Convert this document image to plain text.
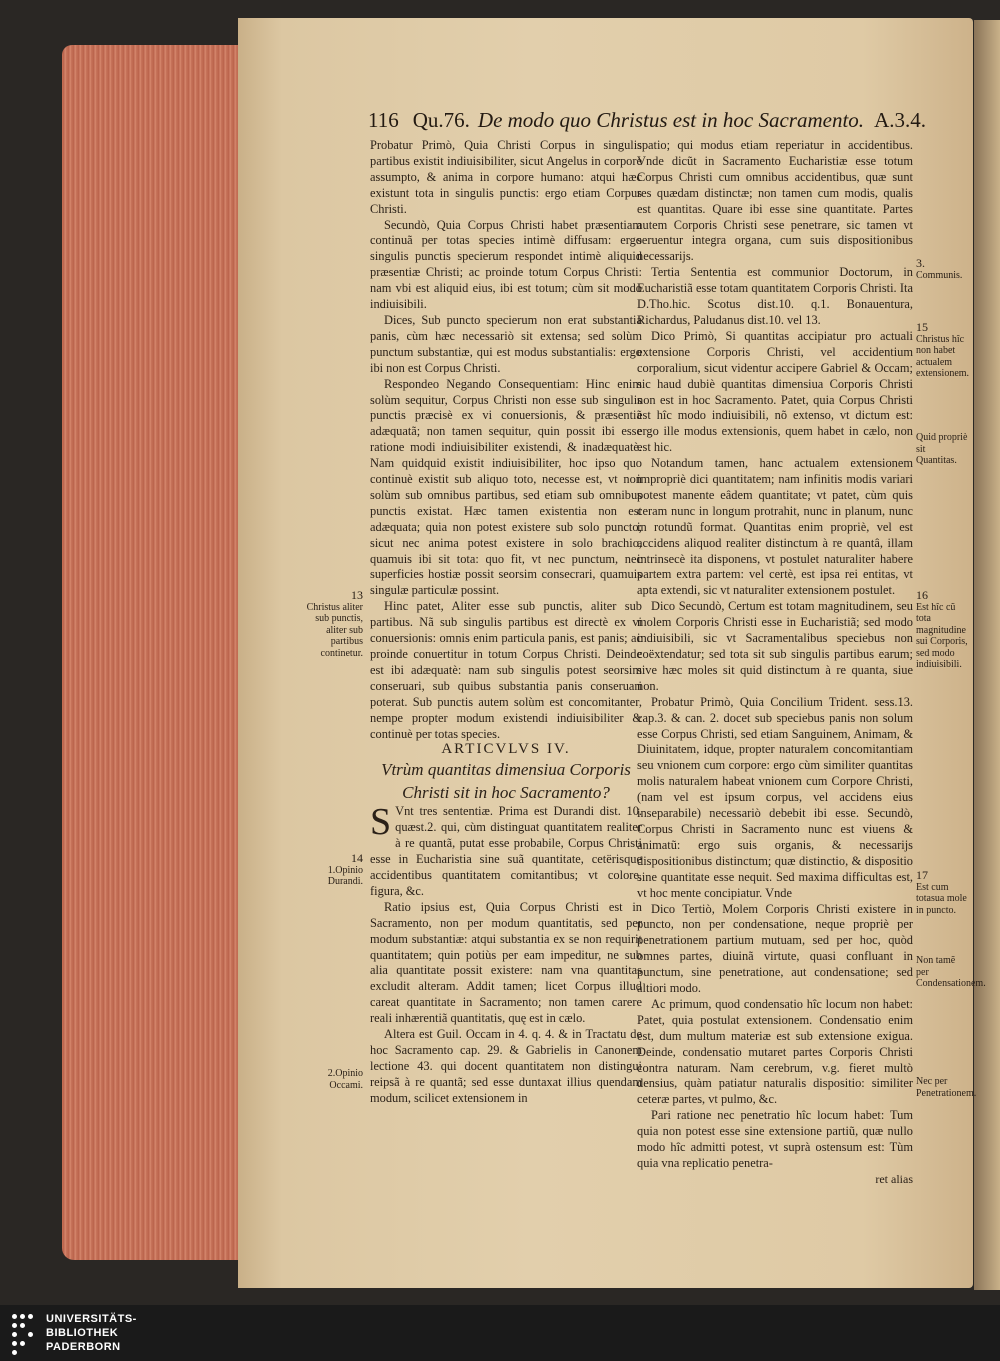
116 Qu.76. De modo quo Christus est in hoc Sacramento. A.3.4.

Probatur Primò, Quia Christi Corpus in singulis partibus existit indiuisibiliter, sicut Angelus in corpore assumpto, & anima in corpore humano: atqui hæc existunt tota in singulis punctis: ergo etiam Corpus Christi.

Secundò, Quia Corpus Christi habet præsentiam continuã per totas species intimè diffusam: ergo singulis punctis specierum respondet intimè aliquid præsentiæ Christi; ac proinde totum Corpus Christi: nam vbi est aliquid eius, ibi est totum; cùm sit modo indiuisibili.

Dices, Sub puncto specierum non erat substantia panis, cùm hæc necessariò sit extensa; sed solùm punctum substantiæ, qui est modus substantialis: ergo ibi non est Corpus Christi.

Respondeo Negando Consequentiam: Hinc enim solùm sequitur, Corpus Christi non esse sub singulis punctis præcisè ex vi conuersionis, & præsentiã adæquatã; non tamen sequitur, quin possit ibi esse ratione modi indiuisibiliter existendi, & inadæquatè. Nam quidquid existit indiuisibiliter, hoc ipso quo continuè existit sub aliquo toto, necesse est, vt non solùm sub omnibus partibus, sed etiam sub omnibus punctis existat. Hæc tamen existentia non est adæquata; quia non potest existere sub solo puncto; sicut nec anima potest existere in solo brachio, quamuis ibi sit tota: quo fit, vt nec punctum, nec superficies hostiæ possit seorsim consecrari, quamuis singulæ particulæ possint.

Hinc patet, Aliter esse sub punctis, aliter sub partibus. Nã sub singulis partibus est directè ex vi conuersionis: omnis enim particula panis, est panis; ac proinde conuertitur in totum Corpus Christi. Deinde est ibi adæquatè: nam sub singulis potest seorsim conseruari, sub quibus substantia panis conseruari poterat. Sub punctis autem solùm est concomitanter, nempe propter modum existendi indiuisibiliter & continuè per totas species.

ARTICVLVS IV.

Vtrùm quantitas dimensiua Corporis Christi sit in hoc Sacramento?

S Vnt tres sententiæ. Prima est Durandi dist. 10. quæst.2. qui, cùm distinguat quantitatem realiter à re quantã, putat esse probabile, Corpus Christi esse in Eucharistia sine suã quantitate, cetërisque accidentibus quantitatem comitantibus; vt colore, figura, &c.

Ratio ipsius est, Quia Corpus Christi est in Sacramento, non per modum quantitatis, sed per modum substantiæ: atqui substantia ex se non requirit quantitatem; quin potiùs per eam impeditur, ne sub alia quantitate possit existere: nam vna quantitas excludit alteram. Addit tamen; licet Corpus illud careat quantitate in Sacramento; non tamen carere reali inhærentiã quantitatis, quę est in cælo.

Altera est Guil. Occam in 4. q. 4. & in Tractatu de hoc Sacramento cap. 29. & Gabrielis in Canonem lectione 43. qui docent quantitatem non distingui reipsã à re quantã; sed esse duntaxat illius quendam modum, scilicet extensionem in

spatio; qui modus etiam reperiatur in accidentibus. Vnde dicũt in Sacramento Eucharistiæ esse totum Corpus Christi cum omnibus accidentibus, quæ sunt res quædam distinctæ; non tamen cum modis, qualis est quantitas. Quare ibi esse sine quantitate. Partes autem Corporis Christi sese penetrare, sic tamen vt seruentur integra organa, cum suis dispositionibus necessarijs.

Tertia Sententia est communior Doctorum, in Eucharistiã esse totam quantitatem Corporis Christi. Ita D.Tho.hic. Scotus dist.10. q.1. Bonauentura, Richardus, Paludanus dist.10. vel 13.

Dico Primò, Si quantitas accipiatur pro actuali extensione Corporis Christi, vel accidentium corporalium, sicut videntur accipere Gabriel & Occam; sic haud dubiè quantitas dimensiua Corporis Christi non est in hoc Sacramento. Patet, quia Corpus Christi est hîc modo indiuisibili, nõ extenso, vt dictum est: ergo ille modus extensionis, quem habet in cælo, non est hic.

Notandum tamen, hanc actualem extensionem impropriè dici quantitatem; nam infinitis modis variari potest manente eâdem quantitate; vt patet, cùm quis ceram nunc in longum protrahit, nunc in planum, nunc in rotundũ format. Quantitas enim propriè, vel est accidens aliquod realiter distinctum à re quantâ, illam intrinsecè ita disponens, vt postulet naturaliter habere partem extra partem: vel certè, est ipsa rei entitas, vt apta extendi, sic vt naturaliter extensionem postulet.

Dico Secundò, Certum est totam magnitudinem, seu molem Corporis Christi esse in Eucharistiã; sed modo indiuisibili, sic vt Sacramentalibus speciebus non coëxtendatur; sed tota sit sub singulis partibus earum; sive hæc moles sit quid distinctum à re quanta, siue non.

Probatur Primò, Quia Concilium Trident. sess.13. cap.3. & can. 2. docet sub speciebus panis non solum esse Corpus Christi, sed etiam Sanguinem, Animam, & Diuinitatem, idque, propter naturalem concomitantiam seu vnionem cum corpore: ergo cùm similiter quantitas molis naturalem habeat vnionem cum Corpore Christi, (nam vel est ipsum corpus, vel accidens eius inseparabile) necessariò debebit ibi esse. Secundò, Corpus Christi in Sacramento nunc est viuens & animatũ: ergo suis organis, & necessarijs dispositionibus distinctum; quæ distinctio, & dispositio sine quantitate esse nequit. Sed maxima difficultas est, vt hoc mente concipiatur. Vnde

Dico Tertiò, Molem Corporis Christi existere in puncto, non per condensatione, neque propriè per penetrationem partium mutuam, sed per hoc, quòd omnes partes, diuinã virtute, quasi confluant in punctum, sine penetratione, aut condensatione; sed altiori modo.

Ac primum, quod condensatio hîc locum non habet: Patet, quia postulat extensionem. Condensatio enim est, dum multum materiæ est sub extensione exigua. Deinde, condensatio mutaret partes Corporis Christi contra naturam. Nam cerebrum, v.g. fieret multò densius, quàm patiatur naturalis dispositio: similiter ceteræ partes, vt pulmo, &c.

Pari ratione nec penetratio hîc locum habet: Tum quia non potest esse sine extensione partiũ, quæ nullo modo hîc admitti potest, vt suprà ostensum est: Tùm quia vna replicatio penetra-

ret alias

13
Christus aliter sub punctis, aliter sub partibus continetur.
14
1.Opinio Durandi.
2.Opinio Occami.
3.
Communis.
15
Christus hîc non habet actualem extensionem.
Quid propriè sit Quantitas.
16
Est hîc cũ tota magnitudine sui Corporis, sed modo indiuisibili.
17
Est cum totasua mole in puncto.
Non tamẽ per Condensationem.
Nec per Penetrationem.
UNIVERSITÄTS-
BIBLIOTHEK
PADERBORN
